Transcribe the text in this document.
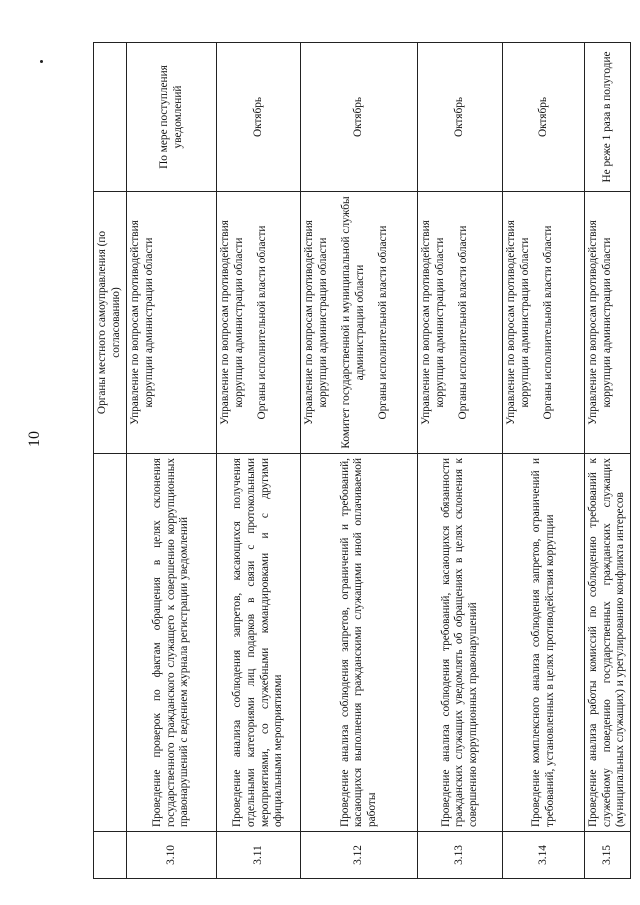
10
		Органы местного самоуправления (по согласованию)	
3.10	Проведение проверок по фактам обращения в целях склонения государственного гражданского служащего к совершению коррупционных правонарушений с ведением журнала регистрации уведомлений	Управление по вопросам противодействия коррупции администрации области	По мере поступления уведомлений
3.11	Проведение анализа соблюдения запретов, касающихся получения отдельными категориями лиц подарков в связи с протокольными мероприятиями, со служебными командировками и с другими официальными мероприятиями	Управление по вопросам противодействия коррупции администрации области Органы исполнительной власти области	Октябрь
3.12	Проведение анализа соблюдения запретов, ограничений и требований, касающихся выполнения гражданскими служащими иной оплачиваемой работы	Управление по вопросам противодействия коррупции администрации области Комитет государственной и муниципальной службы администрации области Органы исполнительной власти области	Октябрь
3.13	Проведение анализа соблюдения требований, касающихся обязанности гражданских служащих уведомлять об обращениях в целях склонения к совершению коррупционных правонарушений	Управление по вопросам противодействия коррупции администрации области Органы исполнительной власти области	Октябрь
3.14	Проведение комплексного анализа соблюдения запретов, ограничений и требований, установленных в целях противодействия коррупции	Управление по вопросам противодействия коррупции администрации области Органы исполнительной власти области	Октябрь
3.15	Проведение анализа работы комиссий по соблюдению требований к служебному поведению государственных гражданских служащих (муниципальных служащих) и урегулированию конфликта интересов	Управление по вопросам противодействия коррупции администрации области	Не реже 1 раза в полугодие
